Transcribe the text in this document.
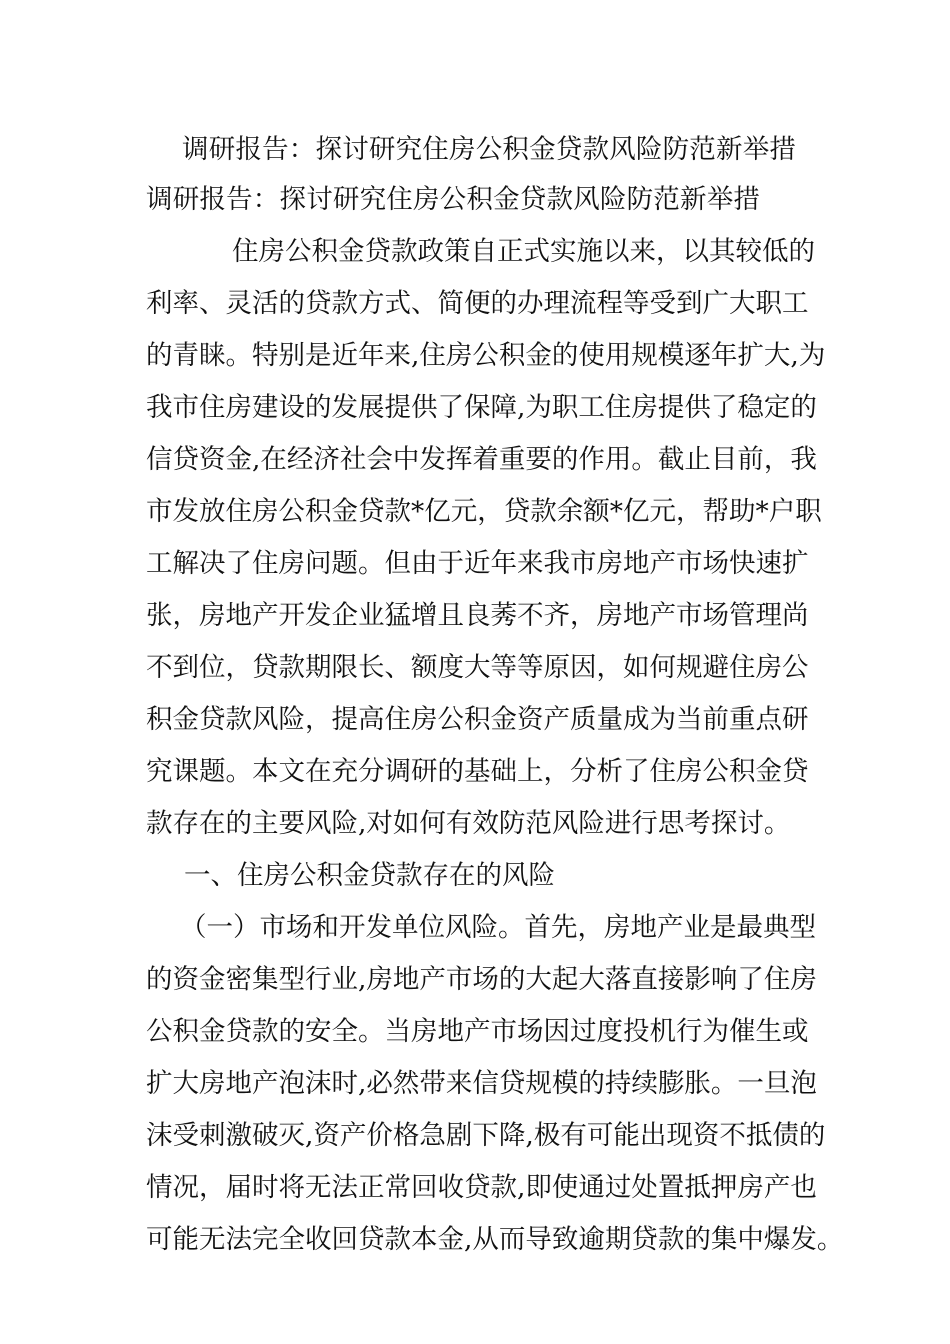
调研报告：探讨研究住房公积金贷款风险防范新举措
调研报告：探讨研究住房公积金贷款风险防范新举措
住房公积金贷款政策自正式实施以来，以其较低的
利率、灵活的贷款方式、简便的办理流程等受到广大职工
的青睐。特别是近年来,住房公积金的使用规模逐年扩大,为
我市住房建设的发展提供了保障,为职工住房提供了稳定的
信贷资金,在经济社会中发挥着重要的作用。截止目前，我
市发放住房公积金贷款*亿元，贷款余额*亿元，帮助*户职
工解决了住房问题。但由于近年来我市房地产市场快速扩
张，房地产开发企业猛增且良莠不齐，房地产市场管理尚
不到位，贷款期限长、额度大等等原因，如何规避住房公
积金贷款风险，提高住房公积金资产质量成为当前重点研
究课题。本文在充分调研的基础上，分析了住房公积金贷
款存在的主要风险,对如何有效防范风险进行思考探讨。
一、住房公积金贷款存在的风险
（一）市场和开发单位风险。首先，房地产业是最典型
的资金密集型行业,房地产市场的大起大落直接影响了住房
公积金贷款的安全。当房地产市场因过度投机行为催生或
扩大房地产泡沫时,必然带来信贷规模的持续膨胀。一旦泡
沫受刺激破灭,资产价格急剧下降,极有可能出现资不抵债的
情况，届时将无法正常回收贷款,即使通过处置抵押房产也
可能无法完全收回贷款本金,从而导致逾期贷款的集中爆发。
